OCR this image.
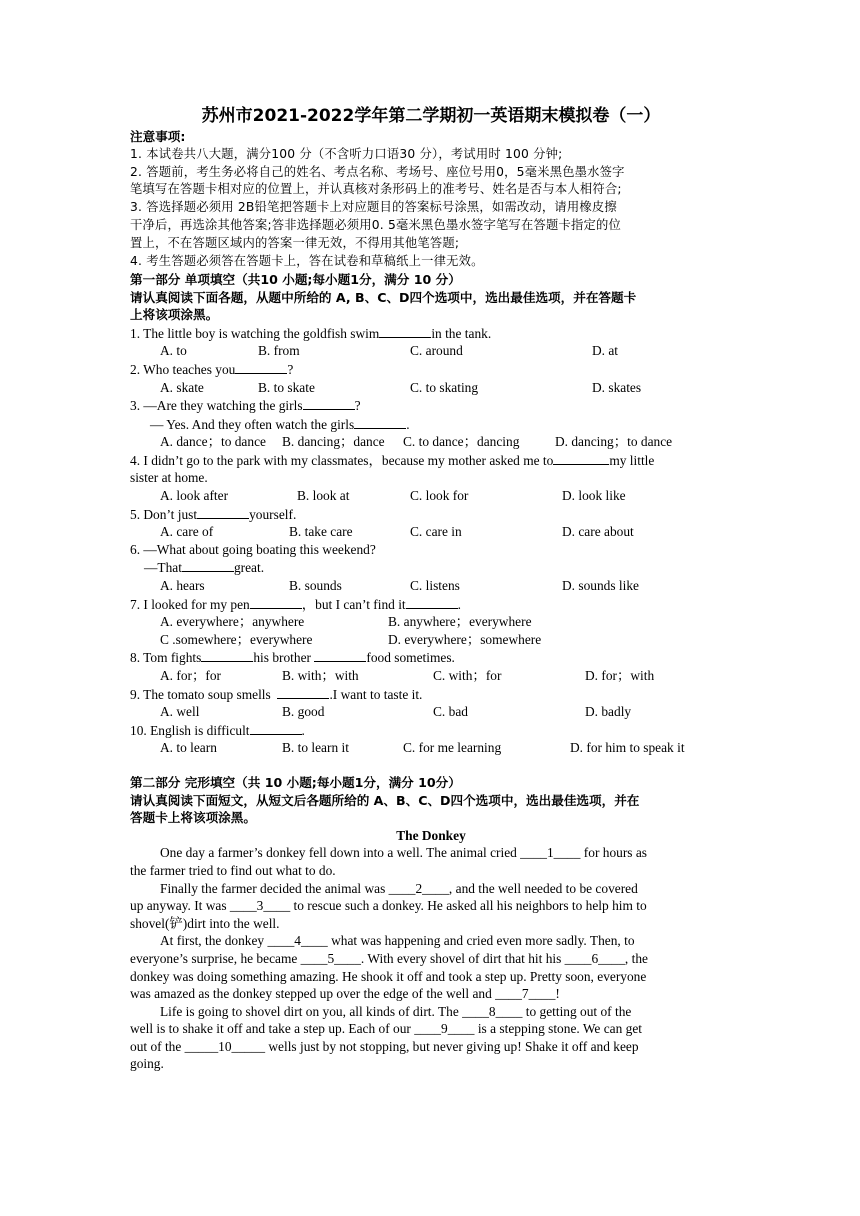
苏州市2021-2022学年第二学期初一英语期末模拟卷（一）
注意事项:
1. 本试卷共八大题，满分100 分（不含听力口语30 分），考试用时 100 分钟;
2. 答题前，考生务必将自己的姓名、考点名称、考场号、座位号用0，5毫米黑色墨水签字
笔填写在答题卡相对应的位置上，并认真核对条形码上的准考号、姓名是否与本人相符合;
3. 答选择题必须用 2B铅笔把答题卡上对应题目的答案标号涂黑，如需改动，请用橡皮擦
干净后，再选涂其他答案;答非选择题必须用0. 5毫米黑色墨水签字笔写在答题卡指定的位
置上，不在答题区域内的答案一律无效，不得用其他笔答题;
4. 考生答题必须答在答题卡上，答在试卷和草稿纸上一律无效。
第一部分 单项填空（共10 小题;每小题1分，满分 10 分）
请认真阅读下面各题，从题中所给的 A, B、C、D四个选项中，选出最佳选项，并在答题卡
上将该项涂黑。
1. The little boy is watching the goldfish swim	in the tank.
A. to	B. from	C. around	D. at
2. Who teaches you	?
A. skate	B. to skate	C. to skating	D. skates
3. —Are they watching the girls	?
— Yes. And they often watch the girls	.
A. dance；to dance	B. dancing；dance	C. to dance；dancing	D. dancing；to dance
4. I didn’t go to the park with my classmates，because my mother asked me to	my little
sister at home.
A. look after	B. look at	C. look for	D. look like
5. Don’t just	yourself.
A. care of	B. take care	C. care in	D. care about
6. —What about going boating this weekend?
—That	great.
A. hears	B. sounds	C. listens	D. sounds like
7. I looked for my pen	，but I can’t find it	.
A. everywhere；anywhere	B. anywhere；everywhere
C .somewhere；everywhere	D. everywhere；somewhere
8. Tom fights	his brother	food sometimes.
A. for；for	B. with；with	C. with；for	D. for；with
9. The tomato soup smells	.I want to taste it.
A. well	B. good	C. bad	D. badly
10. English is difficult	.
A. to learn	B. to learn it	C. for me learning	D. for him to speak it
第二部分 完形填空（共 10 小题;每小题1分，满分 10分）
请认真阅读下面短文，从短文后各题所给的 A、B、C、D四个选项中，选出最佳选项，并在
答题卡上将该项涂黑。
The Donkey
One day a farmer’s donkey fell down into a well. The animal cried ____1____ for hours as
the farmer tried to find out what to do.
Finally the farmer decided the animal was ____2____, and the well needed to be covered
up anyway. It was ____3____ to rescue such a donkey. He asked all his neighbors to help him to
shovel(铲)dirt into the well.
At first, the donkey ____4____ what was happening and cried even more sadly. Then, to
everyone’s surprise, he became ____5____. With every shovel of dirt that hit his ____6____, the
donkey was doing something amazing. He shook it off and took a step up. Pretty soon, everyone
was amazed as the donkey stepped up over the edge of the well and ____7____!
Life is going to shovel dirt on you, all kinds of dirt. The ____8____ to getting out of the
well is to shake it off and take a step up. Each of our ____9____ is a stepping stone. We can get
out of the _____10_____ wells just by not stopping, but never giving up! Shake it off and keep
going.
